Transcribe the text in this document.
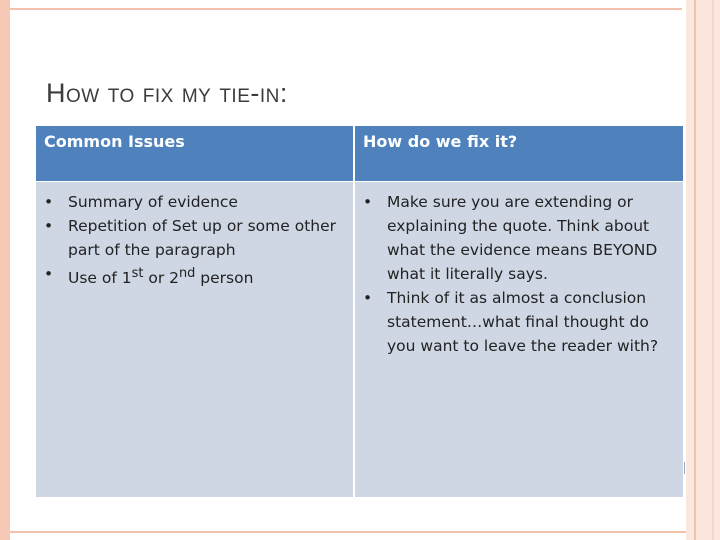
How to fix my tie-in:
Common Issues	How do we fix it?
• Summary of evidence
• Repetition of Set up or some other part of the paragraph
• Use of 1st or 2nd person
• Make sure you are extending or explaining the quote. Think about what the evidence means BEYOND what it literally says.
• Think of it as almost a conclusion statement…what final thought do you want to leave the reader with?
